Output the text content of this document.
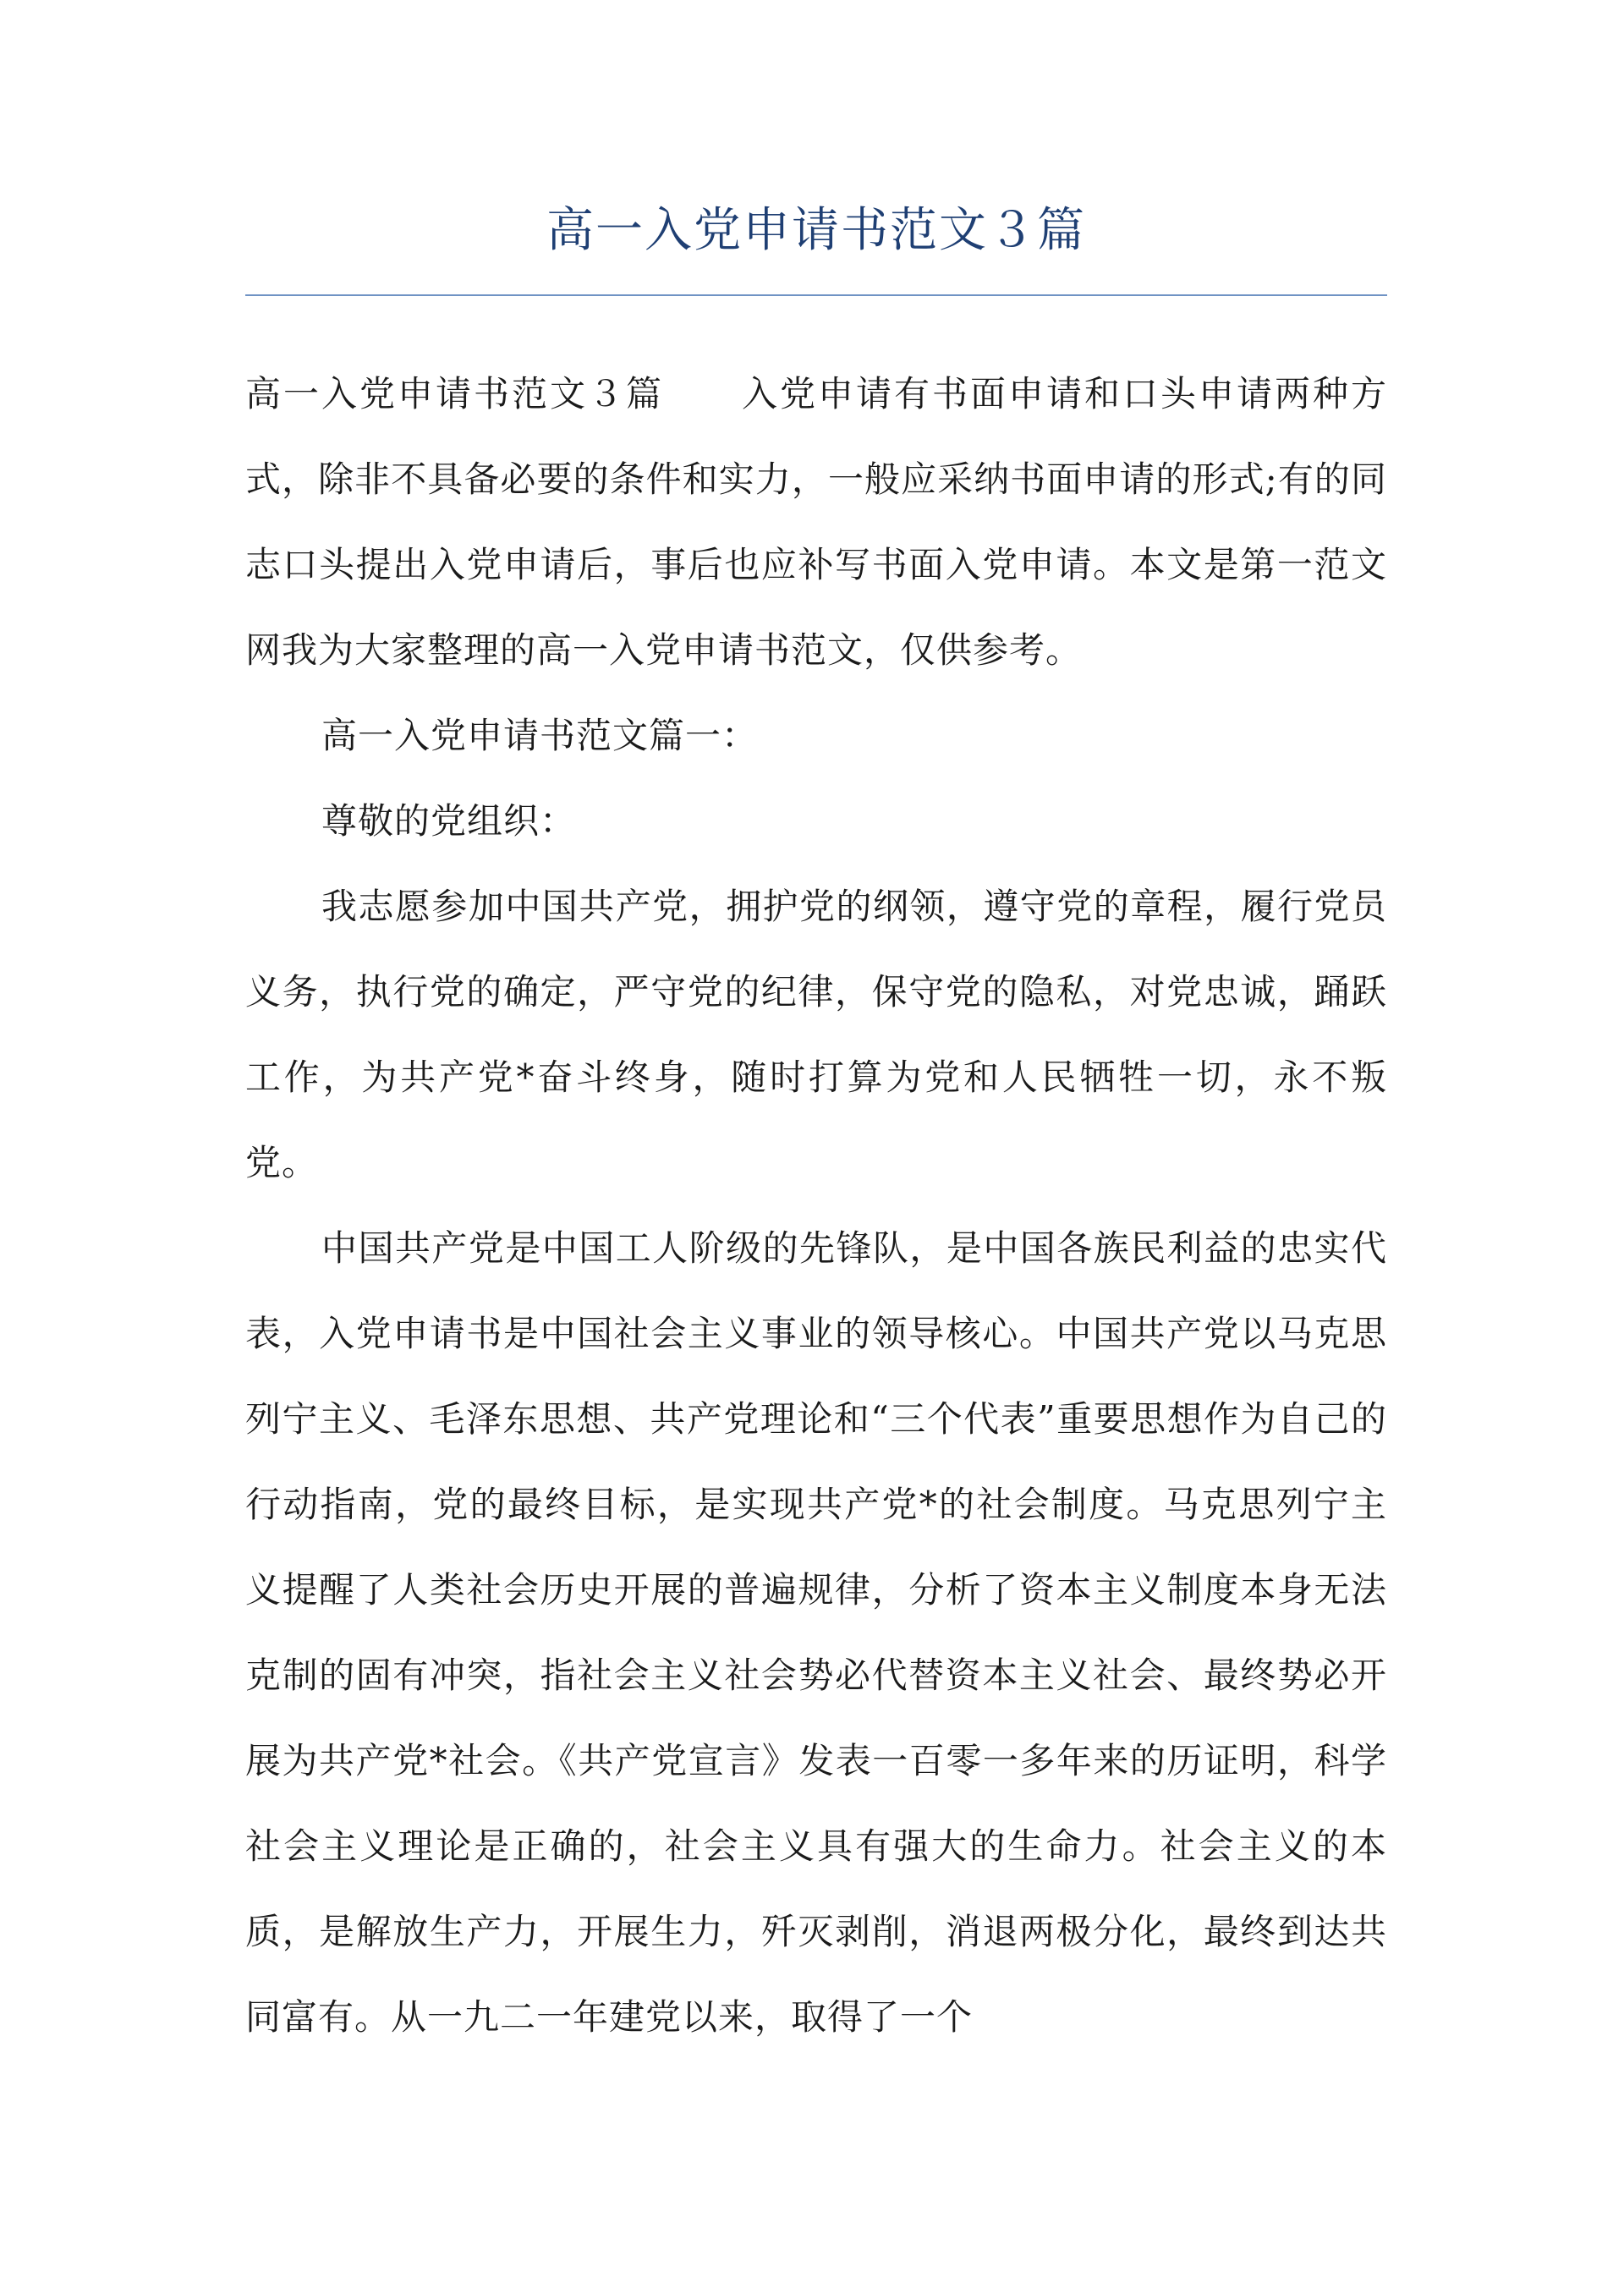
高一入党申请书范文３篇

高一入党申请书范文３篇 入党申请有书面申请和口头申请两种方式，除非不具备必要的条件和实力，一般应采纳书面申请的形式;有的同志口头提出入党申请后，事后也应补写书面入党申请。本文是第一范文网我为大家整理的高一入党申请书范文，仅供参考。

高一入党申请书范文篇一：

尊敬的党组织：

我志愿参加中国共产党，拥护党的纲领，遵守党的章程，履行党员义务，执行党的确定，严守党的纪律，保守党的隐私，对党忠诚，踊跃工作，为共产党*奋斗终身，随时打算为党和人民牺牲一切，永不叛党。

中国共产党是中国工人阶级的先锋队，是中国各族民利益的忠实代表，入党申请书是中国社会主义事业的领导核心。中国共产党以马克思列宁主义、毛泽东思想、共产党理论和“三个代表”重要思想作为自己的行动指南，党的最终目标，是实现共产党*的社会制度。马克思列宁主义提醒了人类社会历史开展的普遍规律，分析了资本主义制度本身无法克制的固有冲突，指社会主义社会势必代替资本主义社会、最终势必开展为共产党*社会。《共产党宣言》发表一百零一多年来的历证明，科学社会主义理论是正确的，社会主义具有强大的生命力。社会主义的本质，是解放生产力，开展生力，歼灭剥削，消退两极分化，最终到达共同富有。从一九二一年建党以来，取得了一个
